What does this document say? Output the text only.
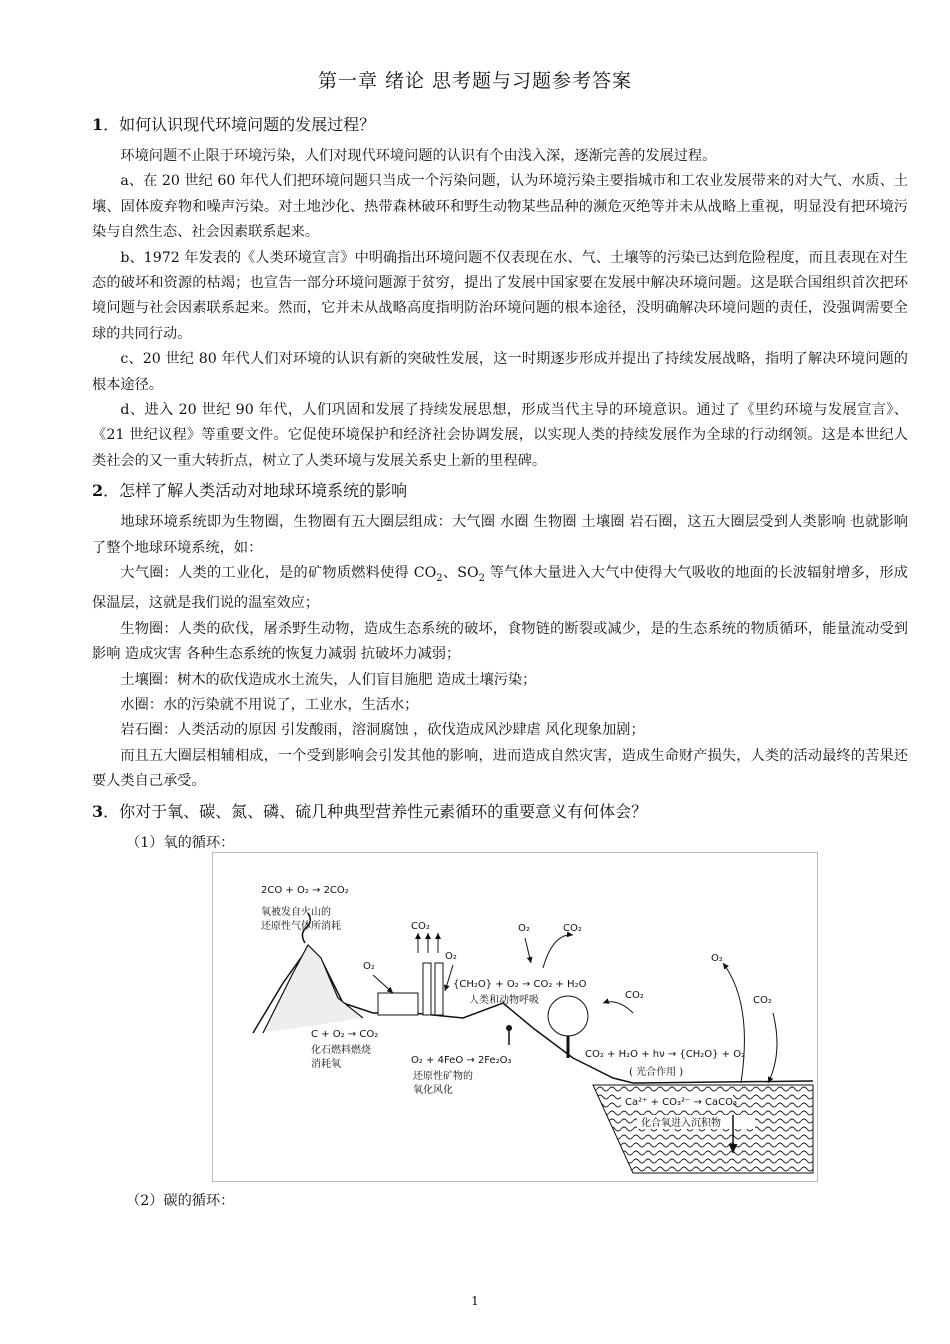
第一章 绪论 思考题与习题参考答案
1．如何认识现代环境问题的发展过程？

环境问题不止限于环境污染，人们对现代环境问题的认识有个由浅入深，逐渐完善的发展过程。

a、在 20 世纪 60 年代人们把环境问题只当成一个污染问题，认为环境污染主要指城市和工农业发展带来的对大气、水质、土壤、固体废弃物和噪声污染。对土地沙化、热带森林破环和野生动物某些品种的濒危灭绝等并未从战略上重视，明显没有把环境污染与自然生态、社会因素联系起来。

b、1972 年发表的《人类环境宣言》中明确指出环境问题不仅表现在水、气、土壤等的污染已达到危险程度，而且表现在对生态的破坏和资源的枯竭；也宣告一部分环境问题源于贫穷，提出了发展中国家要在发展中解决环境问题。这是联合国组织首次把环境问题与社会因素联系起来。然而，它并未从战略高度指明防治环境问题的根本途径，没明确解决环境问题的责任，没强调需要全球的共同行动。

c、20 世纪 80 年代人们对环境的认识有新的突破性发展，这一时期逐步形成并提出了持续发展战略，指明了解决环境问题的根本途径。

d、进入 20 世纪 90 年代，人们巩固和发展了持续发展思想，形成当代主导的环境意识。通过了《里约环境与发展宣言》、《21 世纪议程》等重要文件。它促使环境保护和经济社会协调发展，以实现人类的持续发展作为全球的行动纲领。这是本世纪人类社会的又一重大转折点，树立了人类环境与发展关系史上新的里程碑。

2．怎样了解人类活动对地球环境系统的影响

地球环境系统即为生物圈，生物圈有五大圈层组成：大气圈 水圈 生物圈 土壤圈 岩石圈，这五大圈层受到人类影响 也就影响了整个地球环境系统，如：

大气圈：人类的工业化，是的矿物质燃料使得 $CO_2$、$SO_2$ 等气体大量进入大气中使得大气吸收的地面的长波辐射增多，形成保温层，这就是我们说的温室效应；

生物圈：人类的砍伐，屠杀野生动物，造成生态系统的破坏，食物链的断裂或减少，是的生态系统的物质循环，能量流动受到影响 造成灾害 各种生态系统的恢复力减弱 抗破坏力减弱；

土壤圈：树木的砍伐造成水土流失，人们盲目施肥 造成土壤污染；

水圈：水的污染就不用说了，工业水，生活水；

岩石圈：人类活动的原因 引发酸雨，溶洞腐蚀 ，砍伐造成风沙肆虐 风化现象加剧；

而且五大圈层相辅相成，一个受到影响会引发其他的影响，进而造成自然灾害，造成生命财产损失，人类的活动最终的苦果还要人类自己承受。

3．你对于氧、碳、氮、磷、硫几种典型营养性元素循环的重要意义有何体会？

（1）氧的循环：

2CO + O₂ → 2CO₂
氧被发自火山的
还原性气体所消耗	CO₂
O₂
O₂
O₂	CO₂
{CH₂O} + O₂ → CO₂ + H₂O
人类和动物呼吸
O₂
CO₂
CO₂
C + O₂ → CO₂
化石燃料燃烧
消耗氧
CO₂ + H₂O + hν → {CH₂O} + O₂
( 光合作用 )
O₂ + 4FeO → 2Fe₂O₃
还原性矿物的
氧化风化
Ca²⁺ + CO₃²⁻ → CaCO₃
化合氧进入沉积物
（2）碳的循环：
1
